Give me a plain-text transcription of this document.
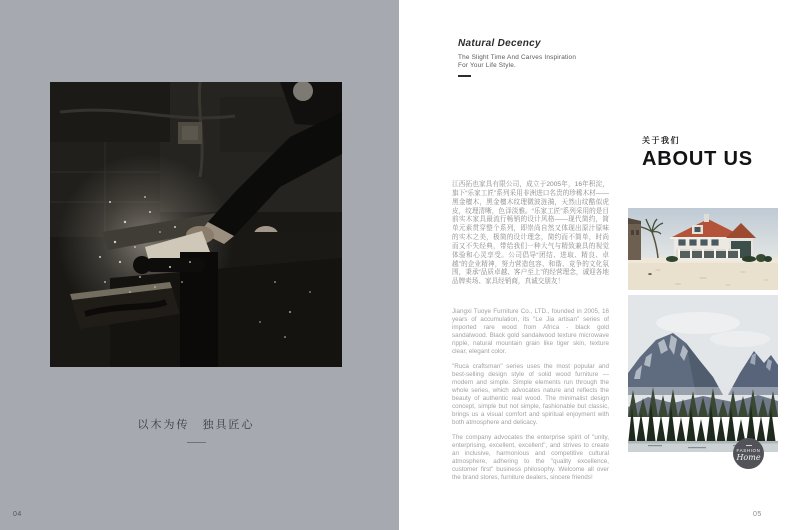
以木为传　独具匠心
04
Natural Decency
The Slight Time And Carves Inspiration
For Your Life Style.
江西拓也家具有限公司，成立于2005年，16年积淀，旗下“乐家工匠”系列采用非洲进口名贵的珍稀木材——黑金檀木，黑金檀木纹理微波涟漪，天然山纹酷似虎皮，纹理清晰，色泽淡雅。“乐家工匠”系列采用的是目前实木家具最流行畅销的设计风格——现代简约，简单元素贯穿整个系列，即崇尚自然又体现出原汁原味的实木之美，极简的设计理念，简约而不简单，时尚而又不失经典，带给我们一种大气与精致兼具的视觉体验和心灵享受。公司倡导“团结、进取、精良、卓越”的企业精神，努力营造包容、和谐、竞争的文化氛围，秉承“品质卓越、客户至上”的经营理念，诚迎各地品牌卖场、家具经销商，真诚交朋友！

Jiangxi Tuoye Furniture Co., LTD., founded in 2005, 16 years of accumulation, its "Le Jia artisan" series of imported rare wood from Africa - black gold sandalwood. Black gold sandalwood texture microwave ripple, natural mountain grain like tiger skin, texture clear, elegant color.

"Ruca craftsman" series uses the most popular and best-selling design style of solid wood furniture —modern and simple. Simple elements run through the whole series, which advocates nature and reflects the beauty of authentic real wood. The minimalist design concept, simple but not simple, fashionable but classic, brings us a visual comfort and spiritual enjoyment with both atmosphere and delicacy.

The company advocates the enterprise spirit of "unity, enterprising, excellent, excellent", and strives to create an inclusive, harmonious and competitive cultural atmosphere, adhering to the "quality excellence, customer first" business philosophy. Welcome all over the brand stores, furniture dealers, sincere friends!

关于我们
ABOUT US
FASHION
Home
05
